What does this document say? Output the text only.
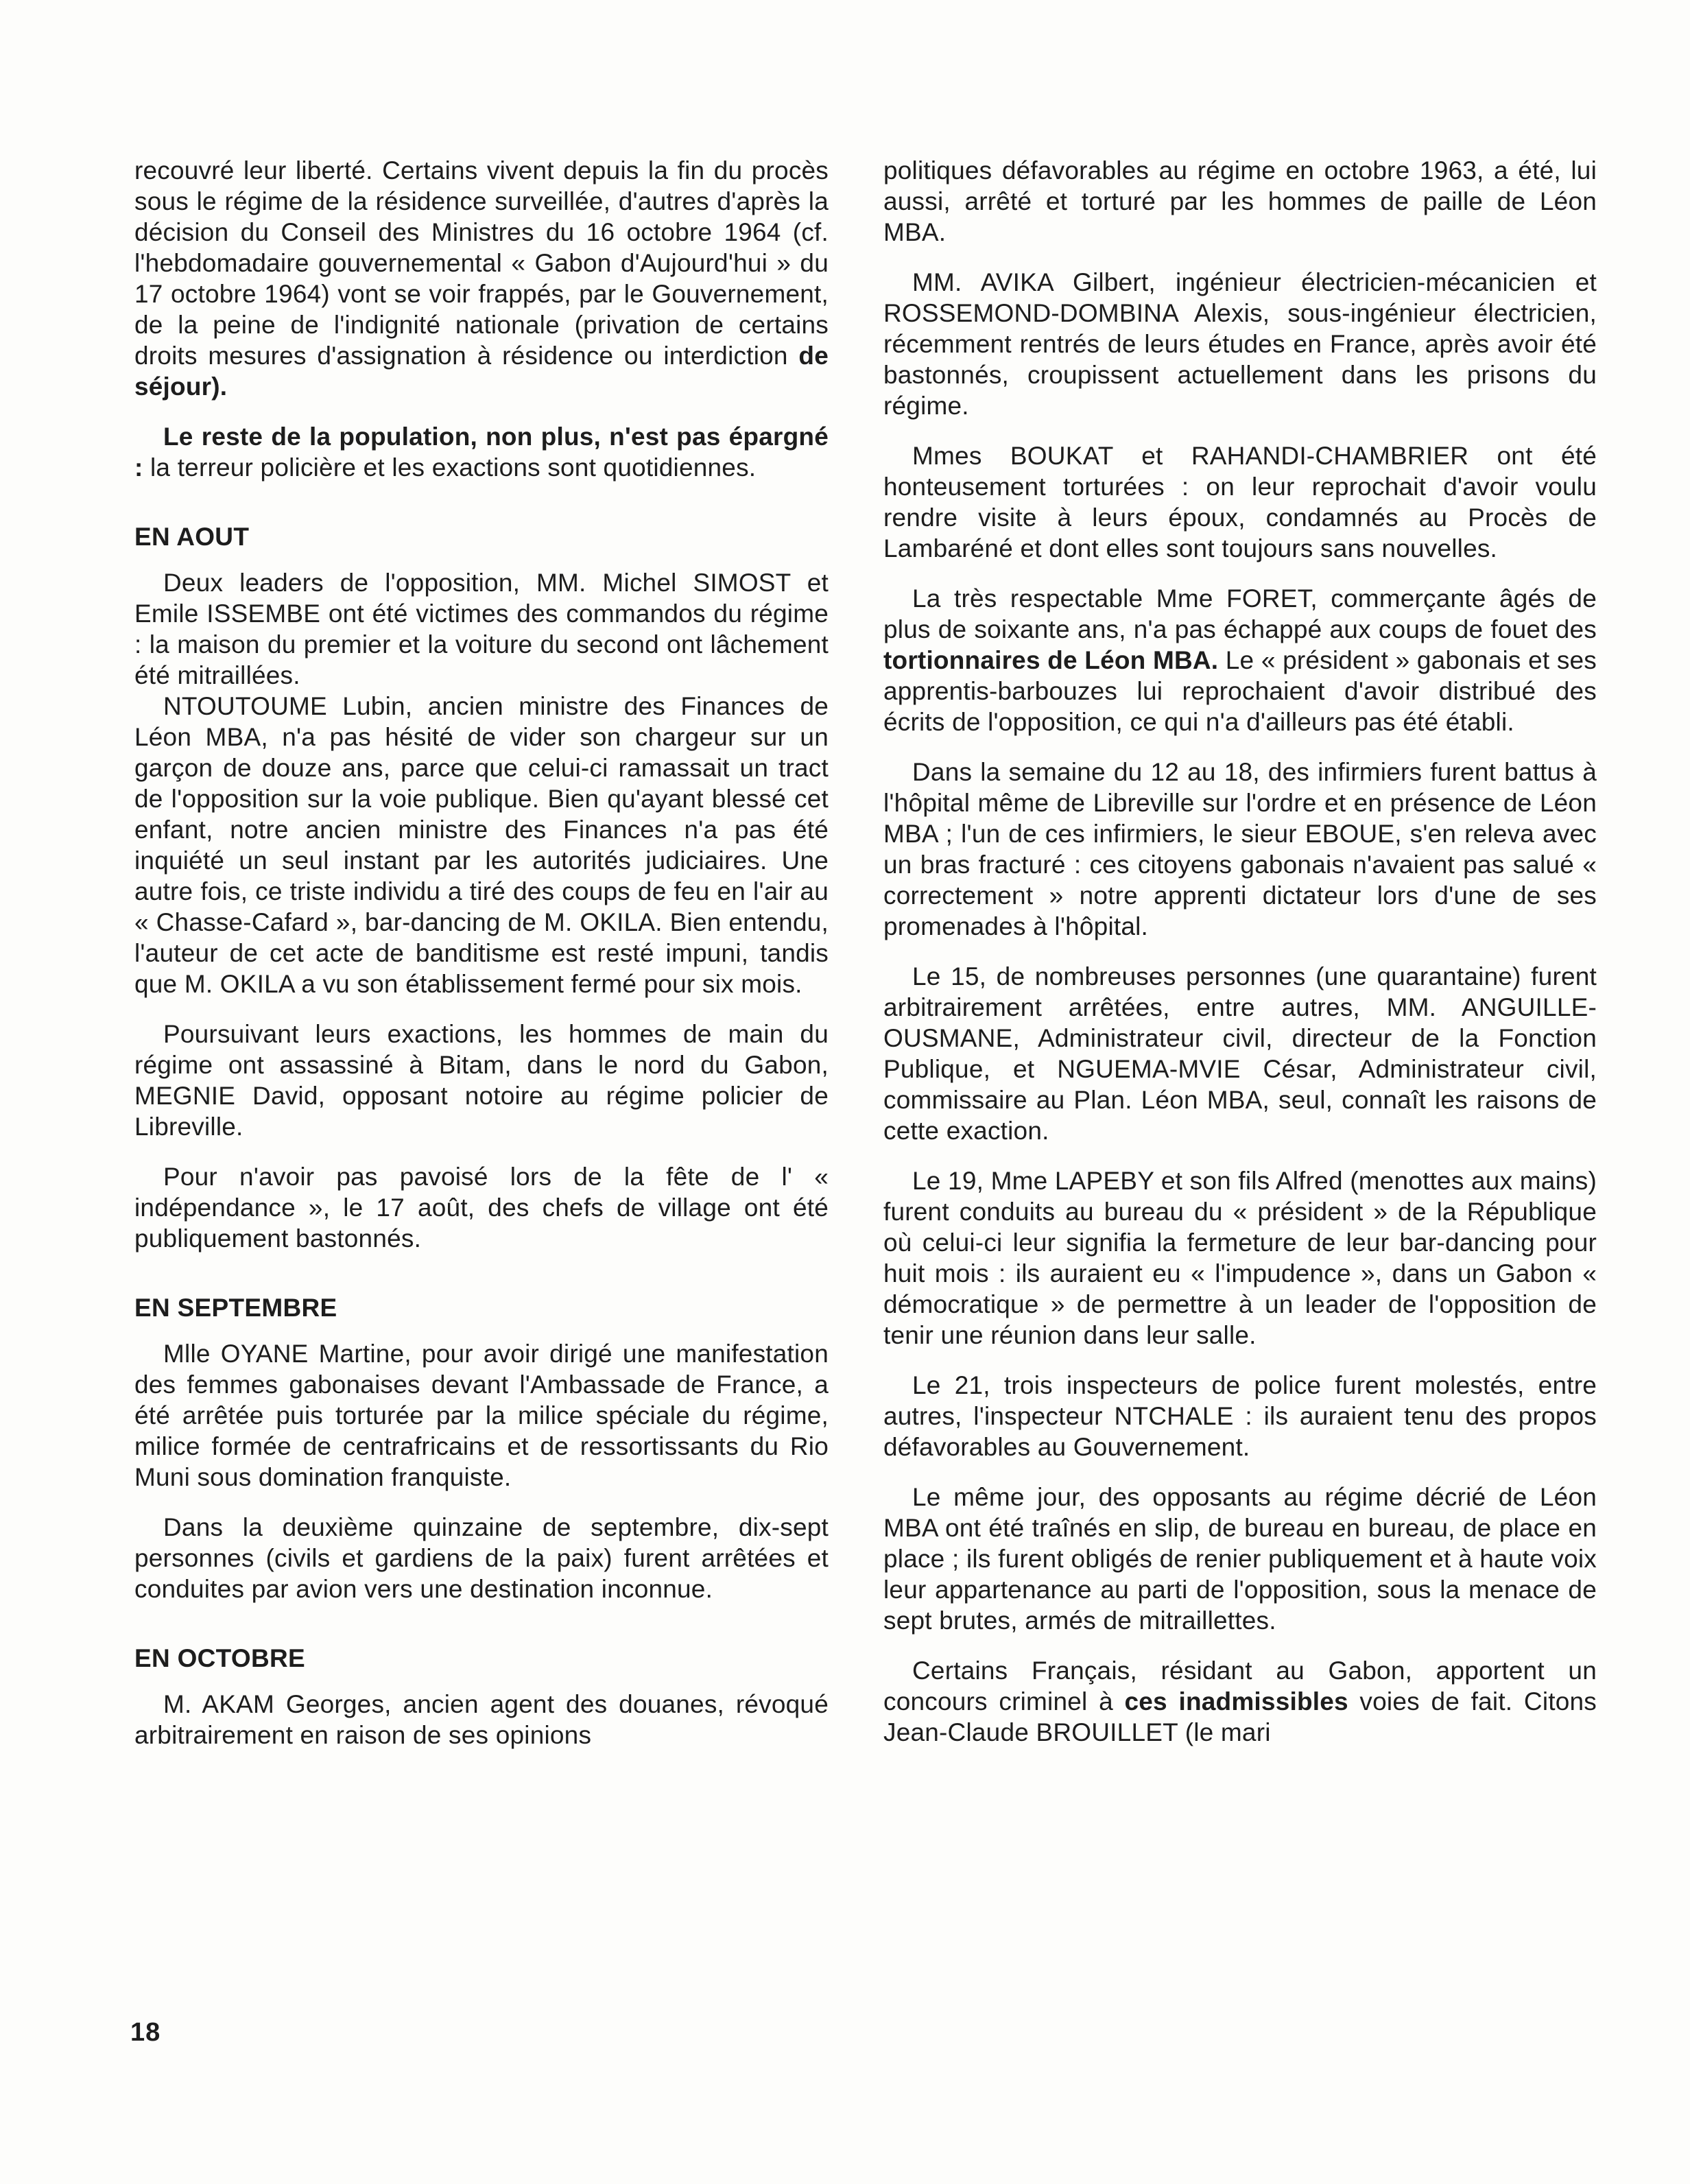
recouvré leur liberté. Certains vivent depuis la fin du procès sous le régime de la résidence surveillée, d'autres d'après la décision du Conseil des Ministres du 16 octobre 1964 (cf. l'hebdomadaire gouvernemental « Gabon d'Aujourd'hui » du 17 octobre 1964) vont se voir frappés, par le Gouvernement, de la peine de l'indignité nationale (privation de certains droits mesures d'assignation à résidence ou interdiction de séjour).

Le reste de la population, non plus, n'est pas épargné : la terreur policière et les exactions sont quotidiennes.

EN AOUT

Deux leaders de l'opposition, MM. Michel SIMOST et Emile ISSEMBE ont été victimes des commandos du régime : la maison du premier et la voiture du second ont lâchement été mitraillées.

NTOUTOUME Lubin, ancien ministre des Finances de Léon MBA, n'a pas hésité de vider son chargeur sur un garçon de douze ans, parce que celui-ci ramassait un tract de l'opposition sur la voie publique. Bien qu'ayant blessé cet enfant, notre ancien ministre des Finances n'a pas été inquiété un seul instant par les autorités judiciaires. Une autre fois, ce triste individu a tiré des coups de feu en l'air au « Chasse-Cafard », bar-dancing de M. OKILA. Bien entendu, l'auteur de cet acte de banditisme est resté impuni, tandis que M. OKILA a vu son établissement fermé pour six mois.

Poursuivant leurs exactions, les hommes de main du régime ont assassiné à Bitam, dans le nord du Gabon, MEGNIE David, opposant notoire au régime policier de Libreville.

Pour n'avoir pas pavoisé lors de la fête de l' « indépendance », le 17 août, des chefs de village ont été publiquement bastonnés.

EN SEPTEMBRE

Mlle OYANE Martine, pour avoir dirigé une manifestation des femmes gabonaises devant l'Ambassade de France, a été arrêtée puis torturée par la milice spéciale du régime, milice formée de centrafricains et de ressortissants du Rio Muni sous domination franquiste.

Dans la deuxième quinzaine de septembre, dix-sept personnes (civils et gardiens de la paix) furent arrêtées et conduites par avion vers une destination inconnue.

EN OCTOBRE

M. AKAM Georges, ancien agent des douanes, révoqué arbitrairement en raison de ses opinions

politiques défavorables au régime en octobre 1963, a été, lui aussi, arrêté et torturé par les hommes de paille de Léon MBA.

MM. AVIKA Gilbert, ingénieur électricien-mécanicien et ROSSEMOND-DOMBINA Alexis, sous-ingénieur électricien, récemment rentrés de leurs études en France, après avoir été bastonnés, croupissent actuellement dans les prisons du régime.

Mmes BOUKAT et RAHANDI-CHAMBRIER ont été honteusement torturées : on leur reprochait d'avoir voulu rendre visite à leurs époux, condamnés au Procès de Lambaréné et dont elles sont toujours sans nouvelles.

La très respectable Mme FORET, commerçante âgés de plus de soixante ans, n'a pas échappé aux coups de fouet des tortionnaires de Léon MBA. Le « président » gabonais et ses apprentis-barbouzes lui reprochaient d'avoir distribué des écrits de l'opposition, ce qui n'a d'ailleurs pas été établi.

Dans la semaine du 12 au 18, des infirmiers furent battus à l'hôpital même de Libreville sur l'ordre et en présence de Léon MBA ; l'un de ces infirmiers, le sieur EBOUE, s'en releva avec un bras fracturé : ces citoyens gabonais n'avaient pas salué « correctement » notre apprenti dictateur lors d'une de ses promenades à l'hôpital.

Le 15, de nombreuses personnes (une quarantaine) furent arbitrairement arrêtées, entre autres, MM. ANGUILLE-OUSMANE, Administrateur civil, directeur de la Fonction Publique, et NGUEMA-MVIE César, Administrateur civil, commissaire au Plan. Léon MBA, seul, connaît les raisons de cette exaction.

Le 19, Mme LAPEBY et son fils Alfred (menottes aux mains) furent conduits au bureau du « président » de la République où celui-ci leur signifia la fermeture de leur bar-dancing pour huit mois : ils auraient eu « l'impudence », dans un Gabon « démocratique » de permettre à un leader de l'opposition de tenir une réunion dans leur salle.

Le 21, trois inspecteurs de police furent molestés, entre autres, l'inspecteur NTCHALE : ils auraient tenu des propos défavorables au Gouvernement.

Le même jour, des opposants au régime décrié de Léon MBA ont été traînés en slip, de bureau en bureau, de place en place ; ils furent obligés de renier publiquement et à haute voix leur appartenance au parti de l'opposition, sous la menace de sept brutes, armés de mitraillettes.

Certains Français, résidant au Gabon, apportent un concours criminel à ces inadmissibles voies de fait. Citons Jean-Claude BROUILLET (le mari

18
